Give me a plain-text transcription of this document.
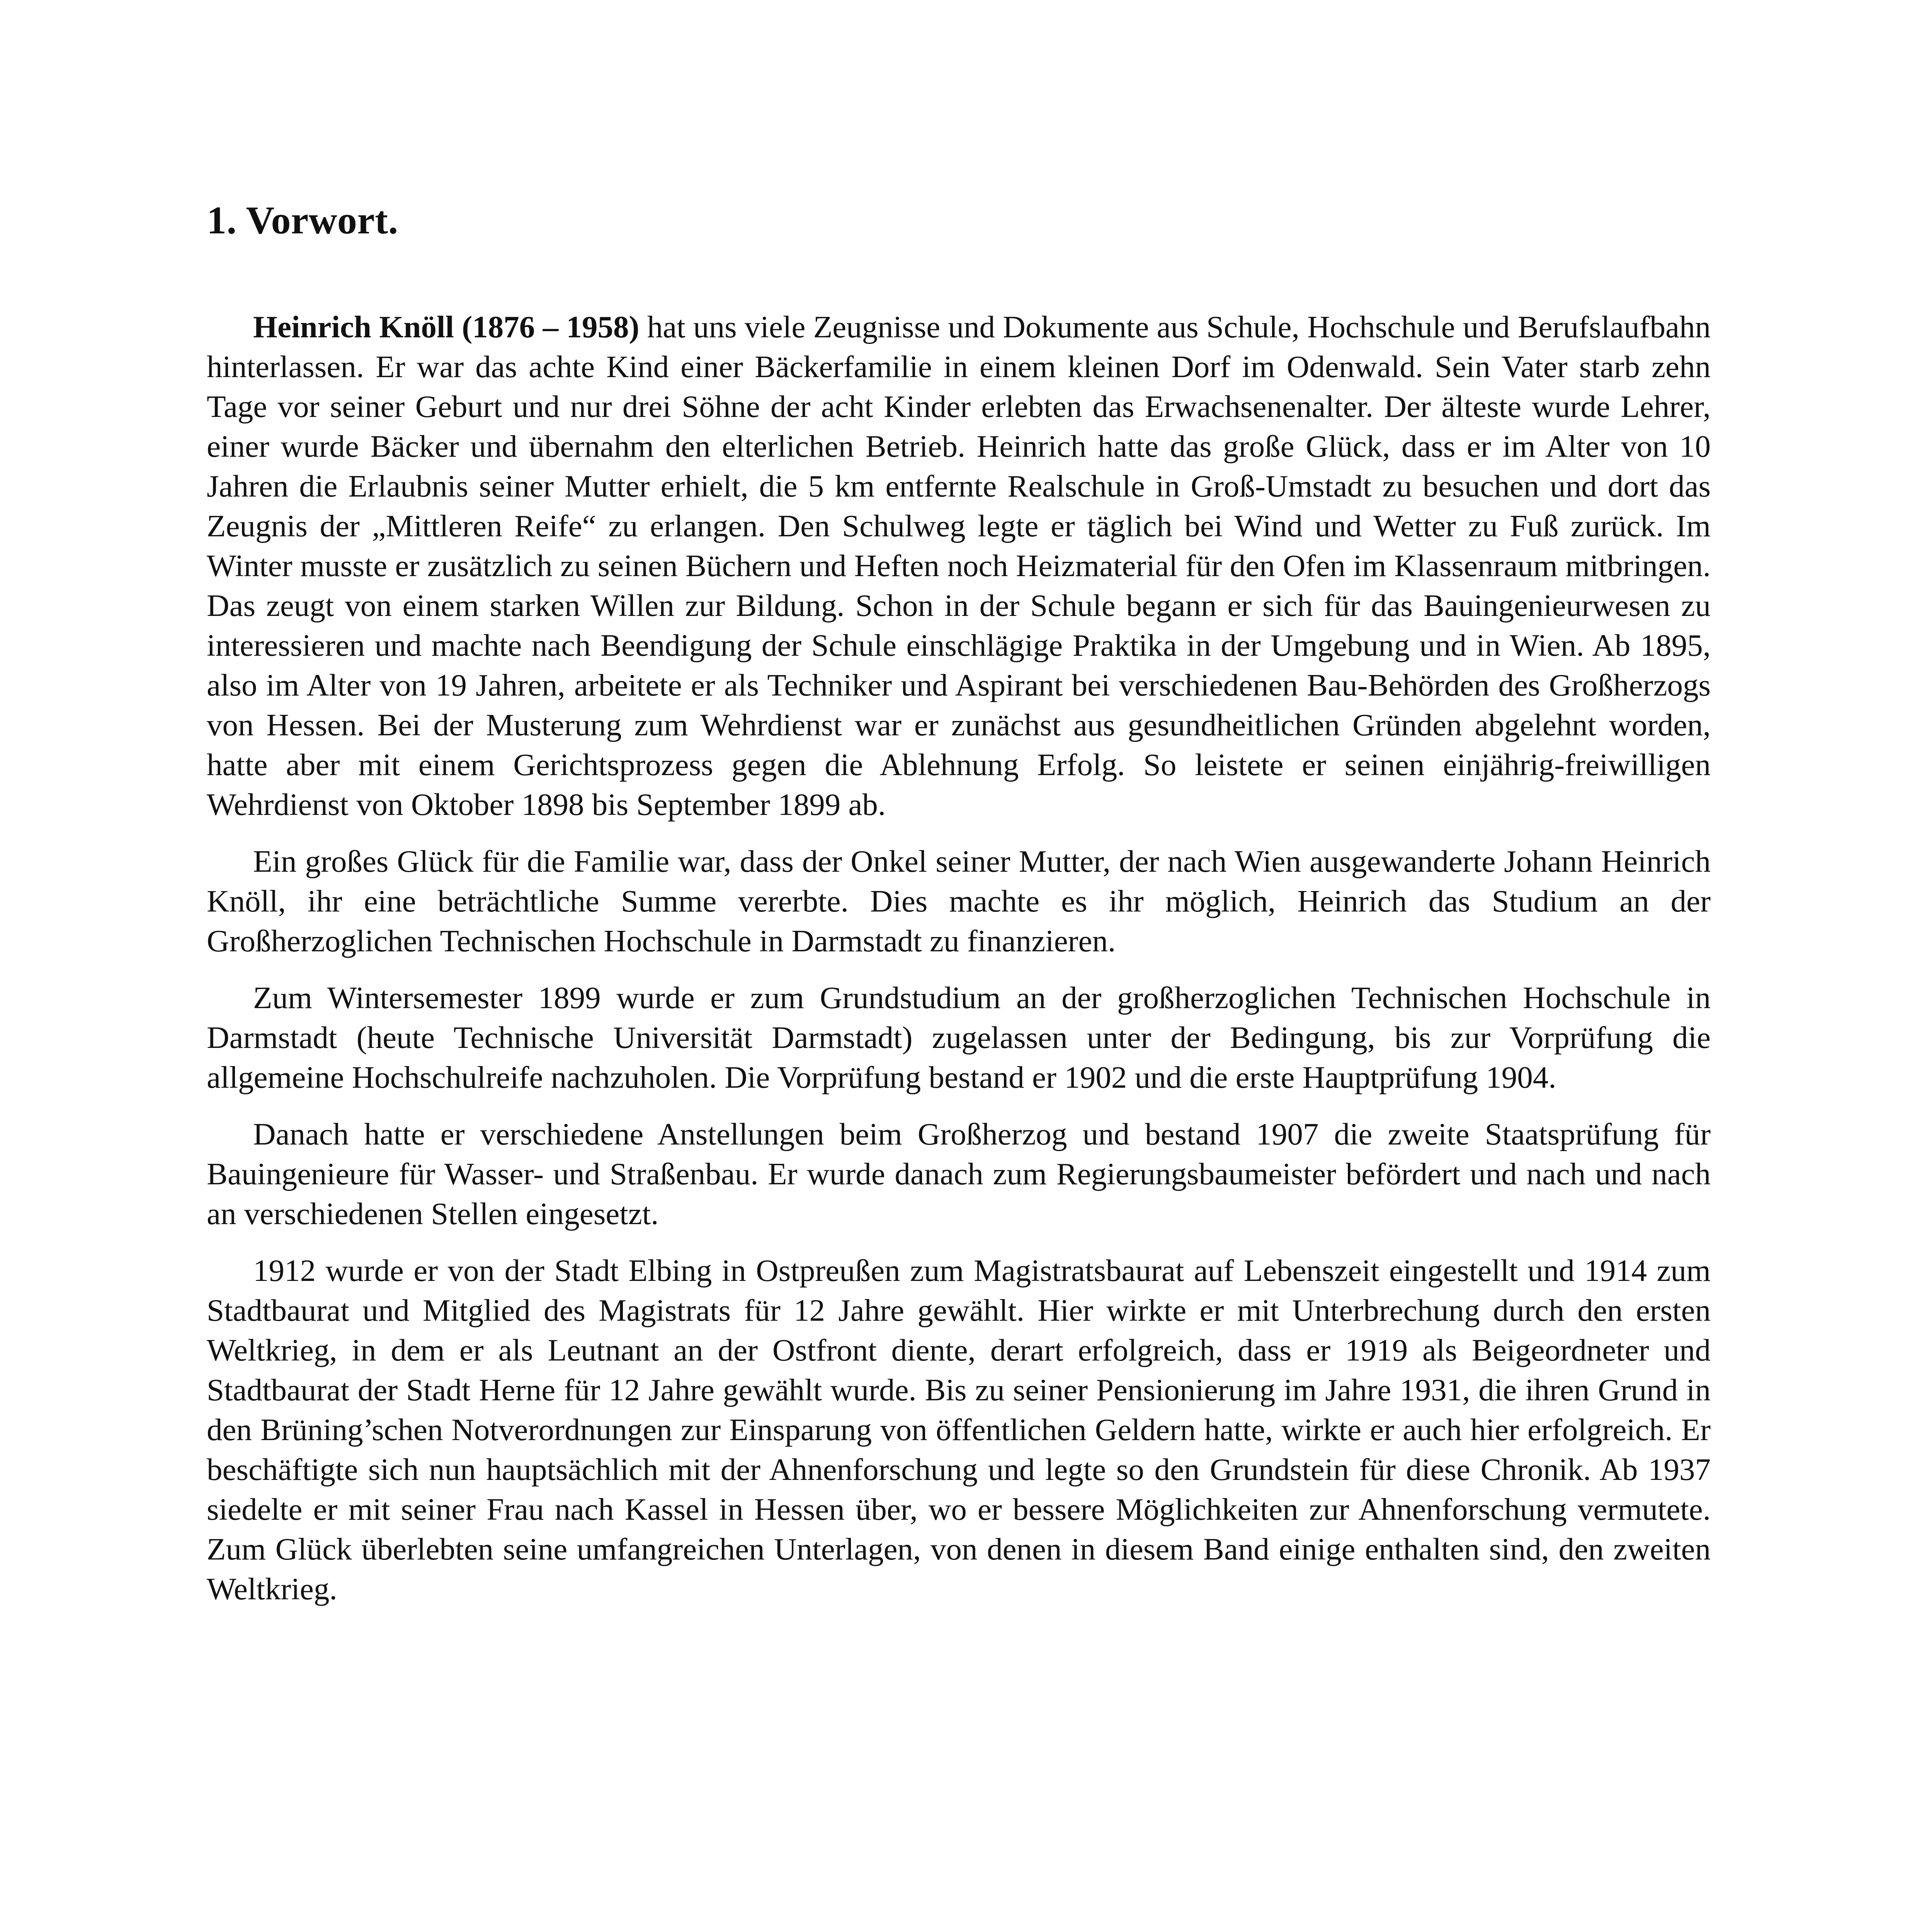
1. Vorwort.

Heinrich Knöll (1876 – 1958) hat uns viele Zeugnisse und Dokumente aus Schule, Hochschule und Berufslaufbahn hinterlassen. Er war das achte Kind einer Bäckerfamilie in einem kleinen Dorf im Odenwald. Sein Vater starb zehn Tage vor seiner Geburt und nur drei Söhne der acht Kinder erlebten das Erwachsenenalter. Der älteste wurde Lehrer, einer wurde Bäcker und übernahm den elterlichen Betrieb. Heinrich hatte das große Glück, dass er im Alter von 10 Jahren die Erlaubnis seiner Mutter erhielt, die 5 km entfernte Realschule in Groß-Umstadt zu besuchen und dort das Zeugnis der „Mittleren Reife“ zu erlangen. Den Schulweg legte er täglich bei Wind und Wetter zu Fuß zurück. Im Winter musste er zusätzlich zu seinen Büchern und Heften noch Heizmaterial für den Ofen im Klassenraum mitbringen. Das zeugt von einem starken Willen zur Bildung. Schon in der Schule begann er sich für das Bauingenieurwesen zu interessieren und machte nach Beendigung der Schule einschlägige Praktika in der Umgebung und in Wien. Ab 1895, also im Alter von 19 Jahren, arbeitete er als Techniker und Aspirant bei verschiedenen Bau-Behörden des Großherzogs von Hessen. Bei der Musterung zum Wehrdienst war er zunächst aus gesundheitlichen Gründen abgelehnt worden, hatte aber mit einem Gerichtsprozess gegen die Ablehnung Erfolg. So leistete er seinen einjährig-freiwilligen Wehrdienst von Oktober 1898 bis September 1899 ab.

Ein großes Glück für die Familie war, dass der Onkel seiner Mutter, der nach Wien ausgewanderte Johann Heinrich Knöll, ihr eine beträchtliche Summe vererbte. Dies machte es ihr möglich, Heinrich das Studium an der Großherzoglichen Technischen Hochschule in Darmstadt zu finanzieren.

Zum Wintersemester 1899 wurde er zum Grundstudium an der großherzoglichen Technischen Hochschule in Darmstadt (heute Technische Universität Darmstadt) zugelassen unter der Bedingung, bis zur Vorprüfung die allgemeine Hochschulreife nachzuholen. Die Vorprüfung bestand er 1902 und die erste Hauptprüfung 1904.

Danach hatte er verschiedene Anstellungen beim Großherzog und bestand 1907 die zweite Staatsprüfung für Bauingenieure für Wasser- und Straßenbau. Er wurde danach zum Regierungsbaumeister befördert und nach und nach an verschiedenen Stellen eingesetzt.

1912 wurde er von der Stadt Elbing in Ostpreußen zum Magistratsbaurat auf Lebenszeit eingestellt und 1914 zum Stadtbaurat und Mitglied des Magistrats für 12 Jahre gewählt. Hier wirkte er mit Unterbrechung durch den ersten Weltkrieg, in dem er als Leutnant an der Ostfront diente, derart erfolgreich, dass er 1919 als Beigeordneter und Stadtbaurat der Stadt Herne für 12 Jahre gewählt wurde. Bis zu seiner Pensionierung im Jahre 1931, die ihren Grund in den Brüning’schen Notverordnungen zur Einsparung von öffentlichen Geldern hatte, wirkte er auch hier erfolgreich. Er beschäftigte sich nun hauptsächlich mit der Ahnenforschung und legte so den Grundstein für diese Chronik. Ab 1937 siedelte er mit seiner Frau nach Kassel in Hessen über, wo er bessere Möglichkeiten zur Ahnenforschung vermutete. Zum Glück überlebten seine umfangreichen Unterlagen, von denen in diesem Band einige enthalten sind, den zweiten Weltkrieg.
